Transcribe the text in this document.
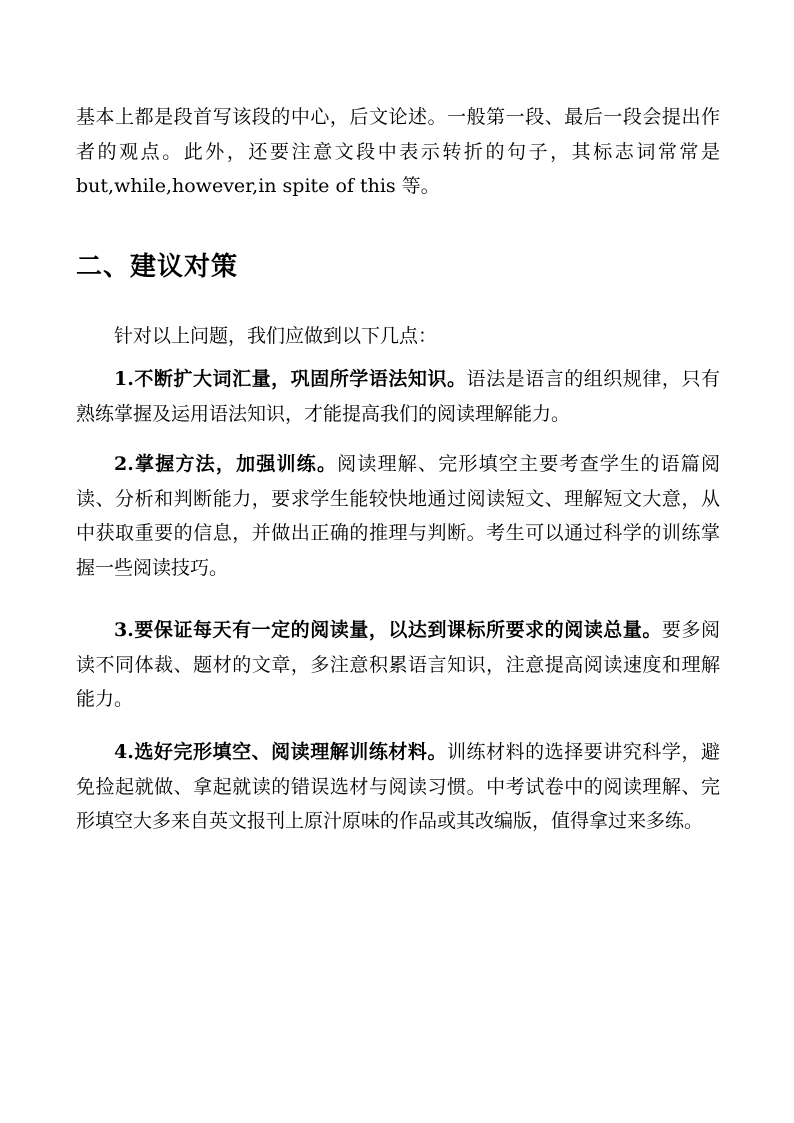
基本上都是段首写该段的中心，后文论述。一般第一段、最后一段会提出作者的观点。此外，还要注意文段中表示转折的句子，其标志词常常是 but,while,however,in spite of this 等。

二、建议对策

针对以上问题，我们应做到以下几点：

1.不断扩大词汇量，巩固所学语法知识。语法是语言的组织规律，只有熟练掌握及运用语法知识，才能提高我们的阅读理解能力。

2.掌握方法，加强训练。阅读理解、完形填空主要考查学生的语篇阅读、分析和判断能力，要求学生能较快地通过阅读短文、理解短文大意，从中获取重要的信息，并做出正确的推理与判断。考生可以通过科学的训练掌握一些阅读技巧。

3.要保证每天有一定的阅读量，以达到课标所要求的阅读总量。要多阅读不同体裁、题材的文章，多注意积累语言知识，注意提高阅读速度和理解能力。

4.选好完形填空、阅读理解训练材料。训练材料的选择要讲究科学，避免捡起就做、拿起就读的错误选材与阅读习惯。中考试卷中的阅读理解、完形填空大多来自英文报刊上原汁原味的作品或其改编版，值得拿过来多练。
